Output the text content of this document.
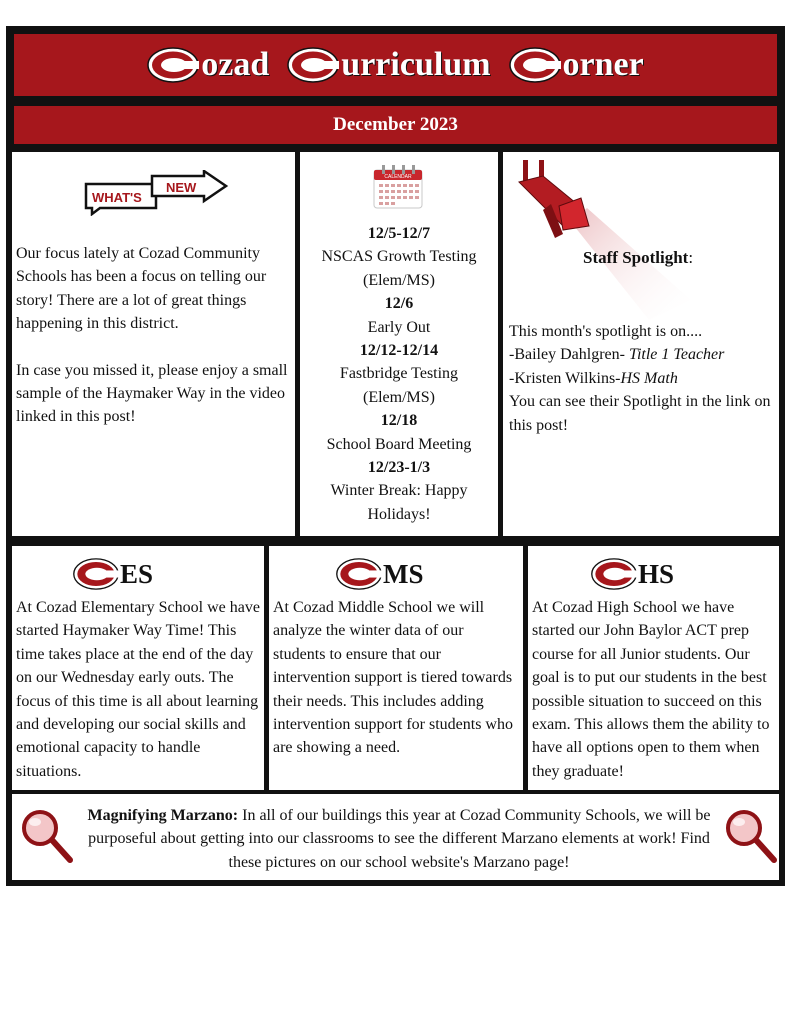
ozad urriculum orner
December 2023
WHAT'S
NEW

Our focus lately at Cozad Community Schools has been a focus on telling our story! There are a lot of great things happening in this district.

In case you missed it, please enjoy a small sample of the Haymaker Way in the video linked in this post!

CALENDAR
12/5-12/7
NSCAS Growth Testing (Elem/MS)
12/6
Early Out
12/12-12/14
Fastbridge Testing (Elem/MS)
12/18
School Board Meeting
12/23-1/3
Winter Break: Happy Holidays!
Staff Spotlight:
This month's spotlight is on....
-Bailey Dahlgren- Title 1 Teacher
-Kristen Wilkins-HS Math
You can see their Spotlight in the link on this post!
ES
At Cozad Elementary School we have started Haymaker Way Time! This time takes place at the end of the day on our Wednesday early outs. The focus of this time is all about learning and developing our social skills and emotional capacity to handle situations.
MS
At Cozad Middle School we will analyze the winter data of our students to ensure that our intervention support is tiered towards their needs. This includes adding intervention support for students who are showing a need.
HS
At Cozad High School we have started our John Baylor ACT prep course for all Junior students. Our goal is to put our students in the best possible situation to succeed on this exam. This allows them the ability to have all options open to them when they graduate!
Magnifying Marzano: In all of our buildings this year at Cozad Community Schools, we will be purposeful about getting into our classrooms to see the different Marzano elements at work! Find these pictures on our school website's Marzano page!
